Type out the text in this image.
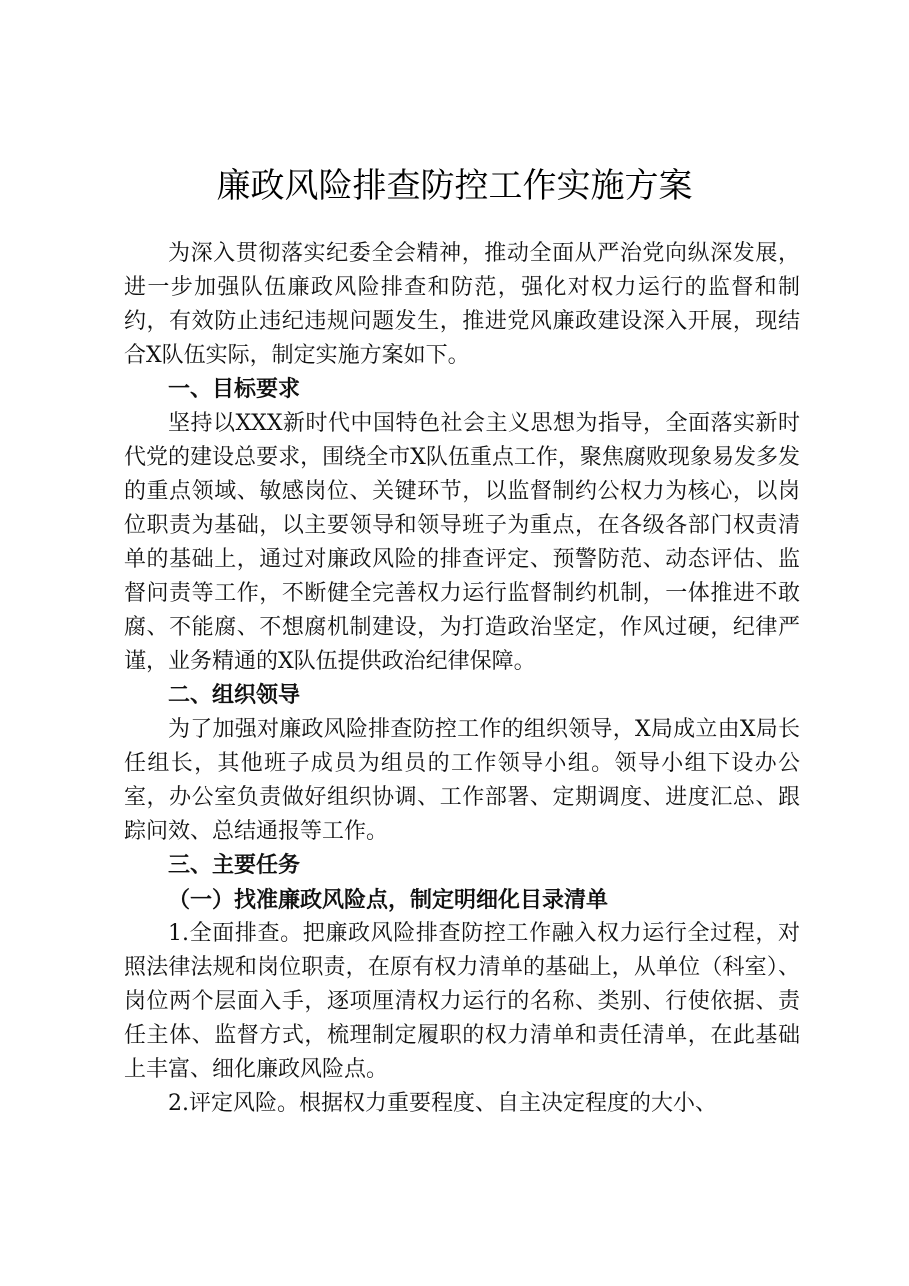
廉政风险排查防控工作实施方案

为深入贯彻落实纪委全会精神，推动全面从严治党向纵深发展，进一步加强队伍廉政风险排查和防范，强化对权力运行的监督和制约，有效防止违纪违规问题发生，推进党风廉政建设深入开展，现结合X队伍实际，制定实施方案如下。

一、目标要求

坚持以XXX新时代中国特色社会主义思想为指导，全面落实新时代党的建设总要求，围绕全市X队伍重点工作，聚焦腐败现象易发多发的重点领域、敏感岗位、关键环节，以监督制约公权力为核心，以岗位职责为基础，以主要领导和领导班子为重点，在各级各部门权责清单的基础上，通过对廉政风险的排查评定、预警防范、动态评估、监督问责等工作，不断健全完善权力运行监督制约机制，一体推进不敢腐、不能腐、不想腐机制建设，为打造政治坚定，作风过硬，纪律严谨，业务精通的X队伍提供政治纪律保障。

二、组织领导

为了加强对廉政风险排查防控工作的组织领导，X局成立由X局长任组长，其他班子成员为组员的工作领导小组。领导小组下设办公室，办公室负责做好组织协调、工作部署、定期调度、进度汇总、跟踪问效、总结通报等工作。

三、主要任务

（一）找准廉政风险点，制定明细化目录清单

1.全面排查。把廉政风险排查防控工作融入权力运行全过程，对照法律法规和岗位职责，在原有权力清单的基础上，从单位（科室）、岗位两个层面入手，逐项厘清权力运行的名称、类别、行使依据、责任主体、监督方式，梳理制定履职的权力清单和责任清单，在此基础上丰富、细化廉政风险点。

2.评定风险。根据权力重要程度、自主决定程度的大小、
